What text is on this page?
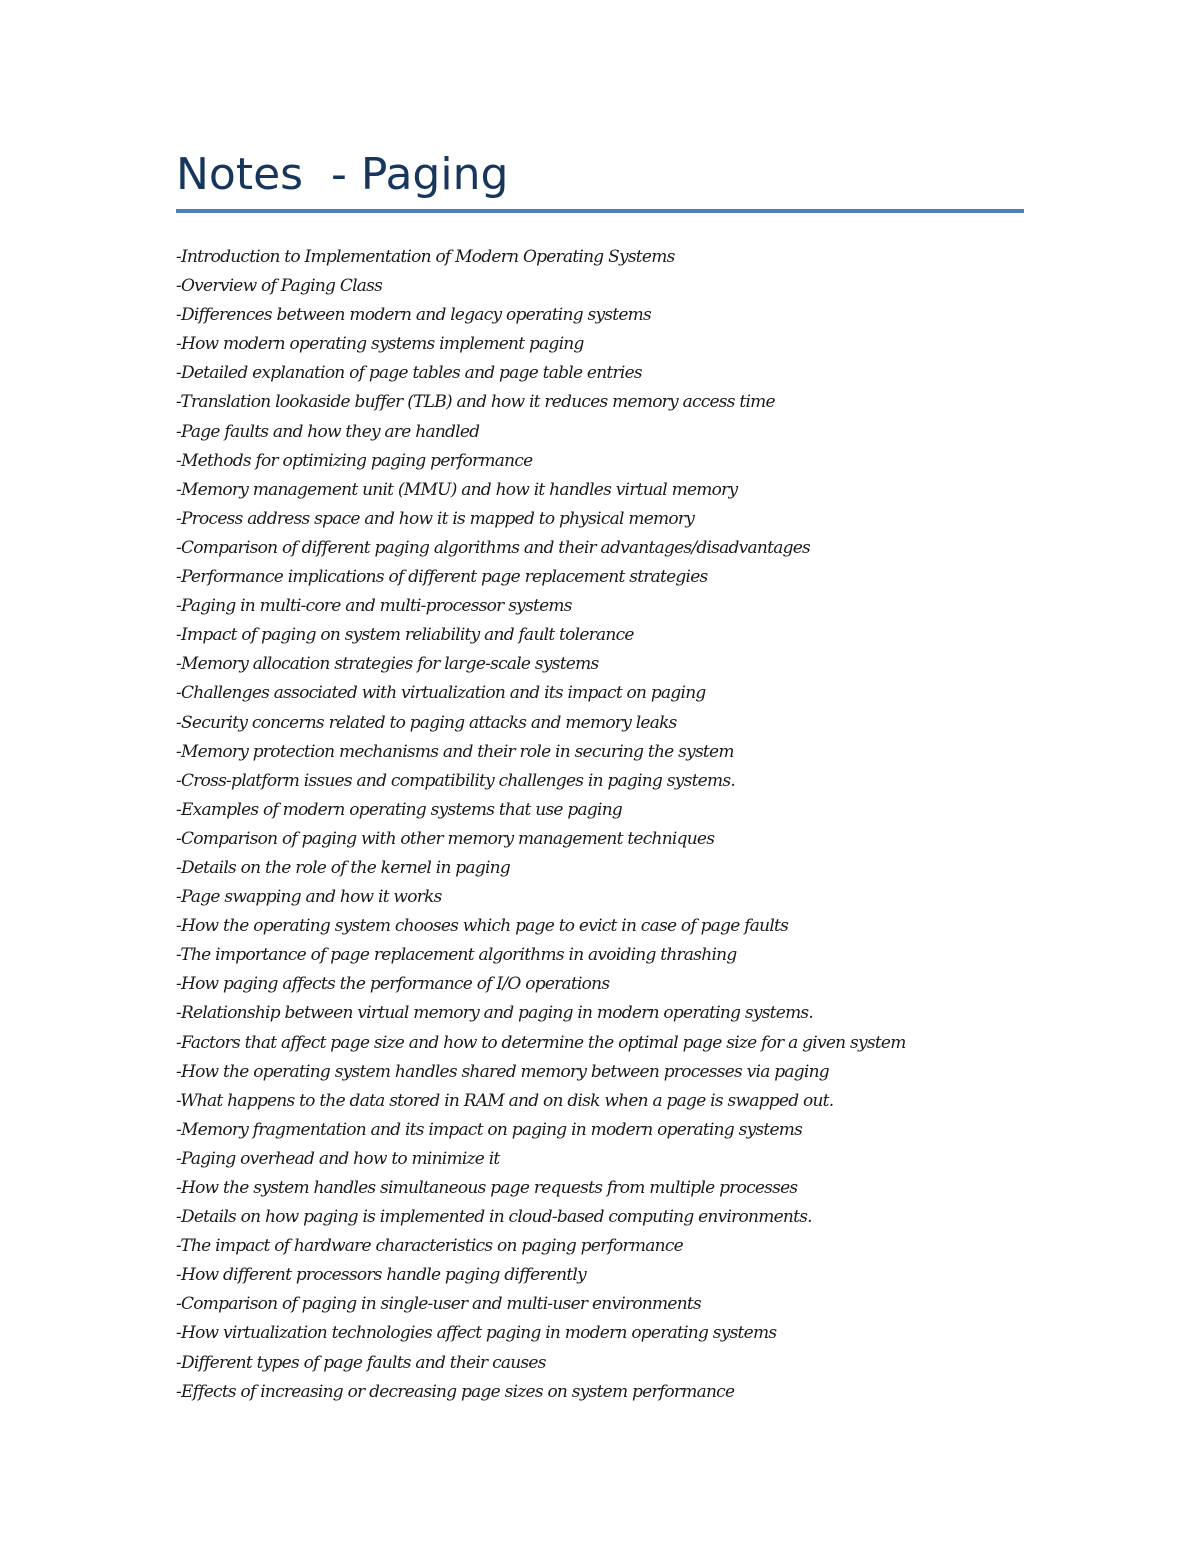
Notes  - Paging
-Introduction to Implementation of Modern Operating Systems
-Overview of Paging Class
-Differences between modern and legacy operating systems
-How modern operating systems implement paging
-Detailed explanation of page tables and page table entries
-Translation lookaside buffer (TLB) and how it reduces memory access time
-Page faults and how they are handled
-Methods for optimizing paging performance
-Memory management unit (MMU) and how it handles virtual memory
-Process address space and how it is mapped to physical memory
-Comparison of different paging algorithms and their advantages/disadvantages
-Performance implications of different page replacement strategies
-Paging in multi-core and multi-processor systems
-Impact of paging on system reliability and fault tolerance
-Memory allocation strategies for large-scale systems
-Challenges associated with virtualization and its impact on paging
-Security concerns related to paging attacks and memory leaks
-Memory protection mechanisms and their role in securing the system
-Cross-platform issues and compatibility challenges in paging systems.
-Examples of modern operating systems that use paging
-Comparison of paging with other memory management techniques
-Details on the role of the kernel in paging
-Page swapping and how it works
-How the operating system chooses which page to evict in case of page faults
-The importance of page replacement algorithms in avoiding thrashing
-How paging affects the performance of I/O operations
-Relationship between virtual memory and paging in modern operating systems.
-Factors that affect page size and how to determine the optimal page size for a given system
-How the operating system handles shared memory between processes via paging
-What happens to the data stored in RAM and on disk when a page is swapped out.
-Memory fragmentation and its impact on paging in modern operating systems
-Paging overhead and how to minimize it
-How the system handles simultaneous page requests from multiple processes
-Details on how paging is implemented in cloud-based computing environments.
-The impact of hardware characteristics on paging performance
-How different processors handle paging differently
-Comparison of paging in single-user and multi-user environments
-How virtualization technologies affect paging in modern operating systems
-Different types of page faults and their causes
-Effects of increasing or decreasing page sizes on system performance
